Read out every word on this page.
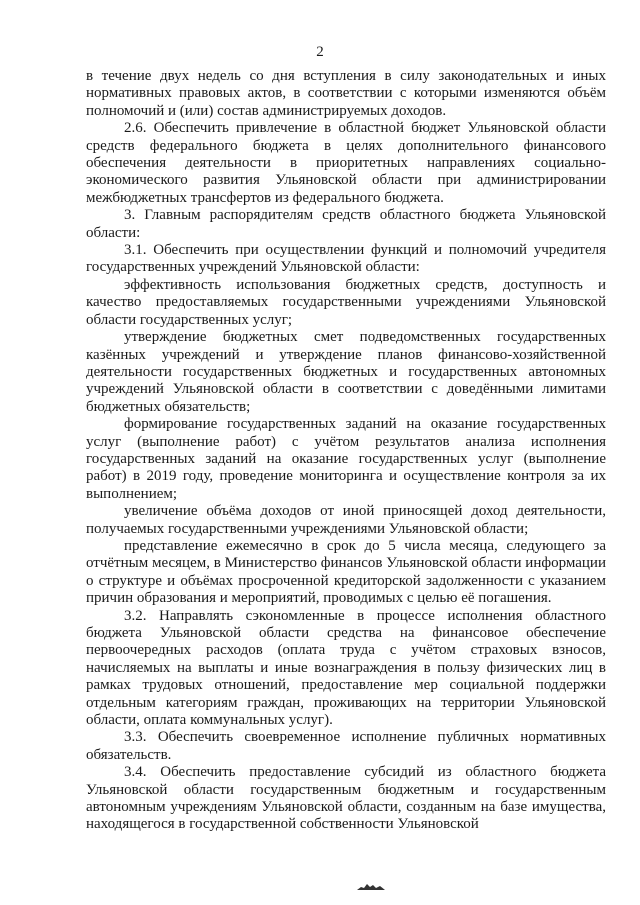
2

в течение двух недель со дня вступления в силу законодательных и иных нормативных правовых актов, в соответствии с которыми изменяются объём полномочий и (или) состав администрируемых доходов.

2.6. Обеспечить привлечение в областной бюджет Ульяновской области средств федерального бюджета в целях дополнительного финансового обеспечения деятельности в приоритетных направлениях социально-экономического развития Ульяновской области при администрировании межбюджетных трансфертов из федерального бюджета.

3. Главным распорядителям средств областного бюджета Ульяновской области:

3.1. Обеспечить при осуществлении функций и полномочий учредителя государственных учреждений Ульяновской области:

эффективность использования бюджетных средств, доступность и качество предоставляемых государственными учреждениями Ульяновской области государственных услуг;

утверждение бюджетных смет подведомственных государственных казённых учреждений и утверждение планов финансово-хозяйственной деятельности государственных бюджетных и государственных автономных учреждений Ульяновской области в соответствии с доведёнными лимитами бюджетных обязательств;

формирование государственных заданий на оказание государственных услуг (выполнение работ) с учётом результатов анализа исполнения государственных заданий на оказание государственных услуг (выполнение работ) в 2019 году, проведение мониторинга и осуществление контроля за их выполнением;

увеличение объёма доходов от иной приносящей доход деятельности, получаемых государственными учреждениями Ульяновской области;

представление ежемесячно в срок до 5 числа месяца, следующего за отчётным месяцем, в Министерство финансов Ульяновской области информации о структуре и объёмах просроченной кредиторской задолженности с указанием причин образования и мероприятий, проводимых с целью её погашения.

3.2. Направлять сэкономленные в процессе исполнения областного бюджета Ульяновской области средства на финансовое обеспечение первоочередных расходов (оплата труда с учётом страховых взносов, начисляемых на выплаты и иные вознаграждения в пользу физических лиц в рамках трудовых отношений, предоставление мер социальной поддержки отдельным категориям граждан, проживающих на территории Ульяновской области, оплата коммунальных услуг).

3.3. Обеспечить своевременное исполнение публичных нормативных обязательств.

3.4. Обеспечить предоставление субсидий из областного бюджета Ульяновской области государственным бюджетным и государственным автономным учреждениям Ульяновской области, созданным на базе имущества, находящегося в государственной собственности Ульяновской
